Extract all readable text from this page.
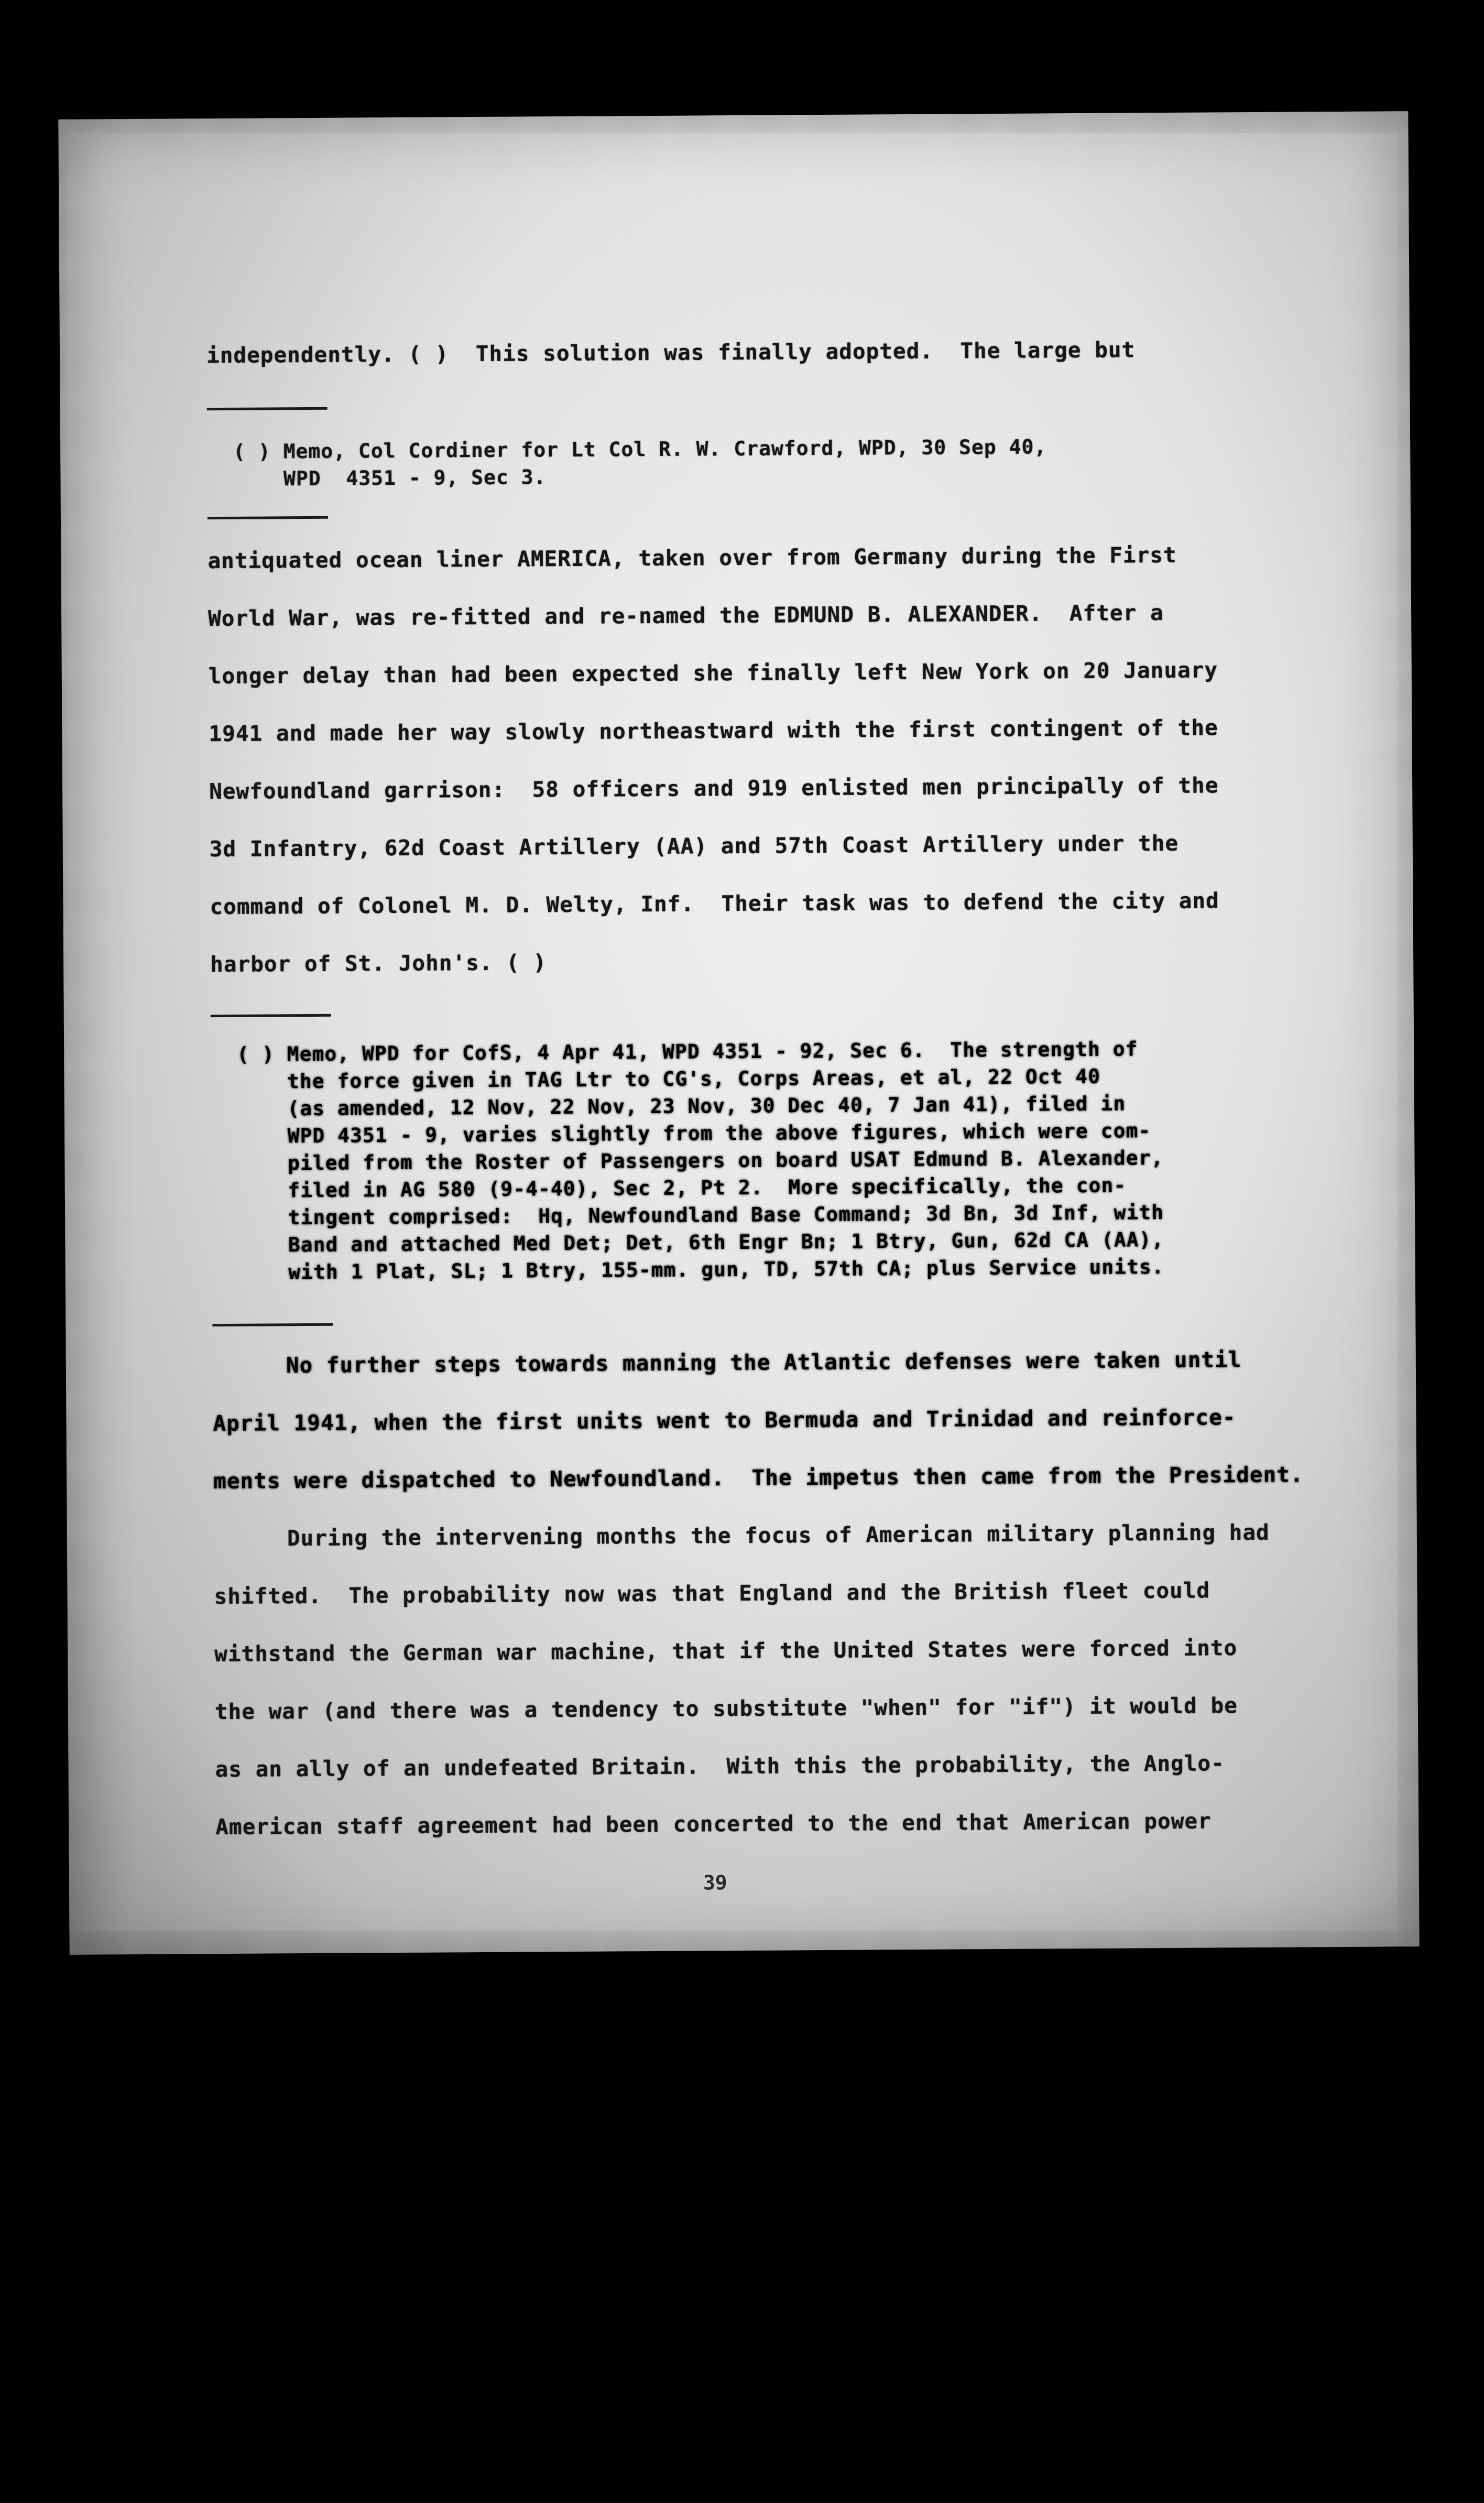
independently. ( )  This solution was finally adopted.  The large but
( ) Memo, Col Cordiner for Lt Col R. W. Crawford, WPD, 30 Sep 40,
WPD  4351 - 9, Sec 3.
antiquated ocean liner AMERICA, taken over from Germany during the First
World War, was re-fitted and re-named the EDMUND B. ALEXANDER.  After a
longer delay than had been expected she finally left New York on 20 January
1941 and made her way slowly northeastward with the first contingent of the
Newfoundland garrison:  58 officers and 919 enlisted men principally of the
3d Infantry, 62d Coast Artillery (AA) and 57th Coast Artillery under the
command of Colonel M. D. Welty, Inf.  Their task was to defend the city and
harbor of St. John's. ( )
( ) Memo, WPD for CofS, 4 Apr 41, WPD 4351 - 92, Sec 6.  The strength of
the force given in TAG Ltr to CG's, Corps Areas, et al, 22 Oct 40
(as amended, 12 Nov, 22 Nov, 23 Nov, 30 Dec 40, 7 Jan 41), filed in
WPD 4351 - 9, varies slightly from the above figures, which were com-
piled from the Roster of Passengers on board USAT Edmund B. Alexander,
filed in AG 580 (9-4-40), Sec 2, Pt 2.  More specifically, the con-
tingent comprised:  Hq, Newfoundland Base Command; 3d Bn, 3d Inf, with
Band and attached Med Det; Det, 6th Engr Bn; 1 Btry, Gun, 62d CA (AA),
with 1 Plat, SL; 1 Btry, 155-mm. gun, TD, 57th CA; plus Service units.
No further steps towards manning the Atlantic defenses were taken until
April 1941, when the first units went to Bermuda and Trinidad and reinforce-
ments were dispatched to Newfoundland.  The impetus then came from the President.
During the intervening months the focus of American military planning had
shifted.  The probability now was that England and the British fleet could
withstand the German war machine, that if the United States were forced into
the war (and there was a tendency to substitute "when" for "if") it would be
as an ally of an undefeated Britain.  With this the probability, the Anglo-
American staff agreement had been concerted to the end that American power
39
